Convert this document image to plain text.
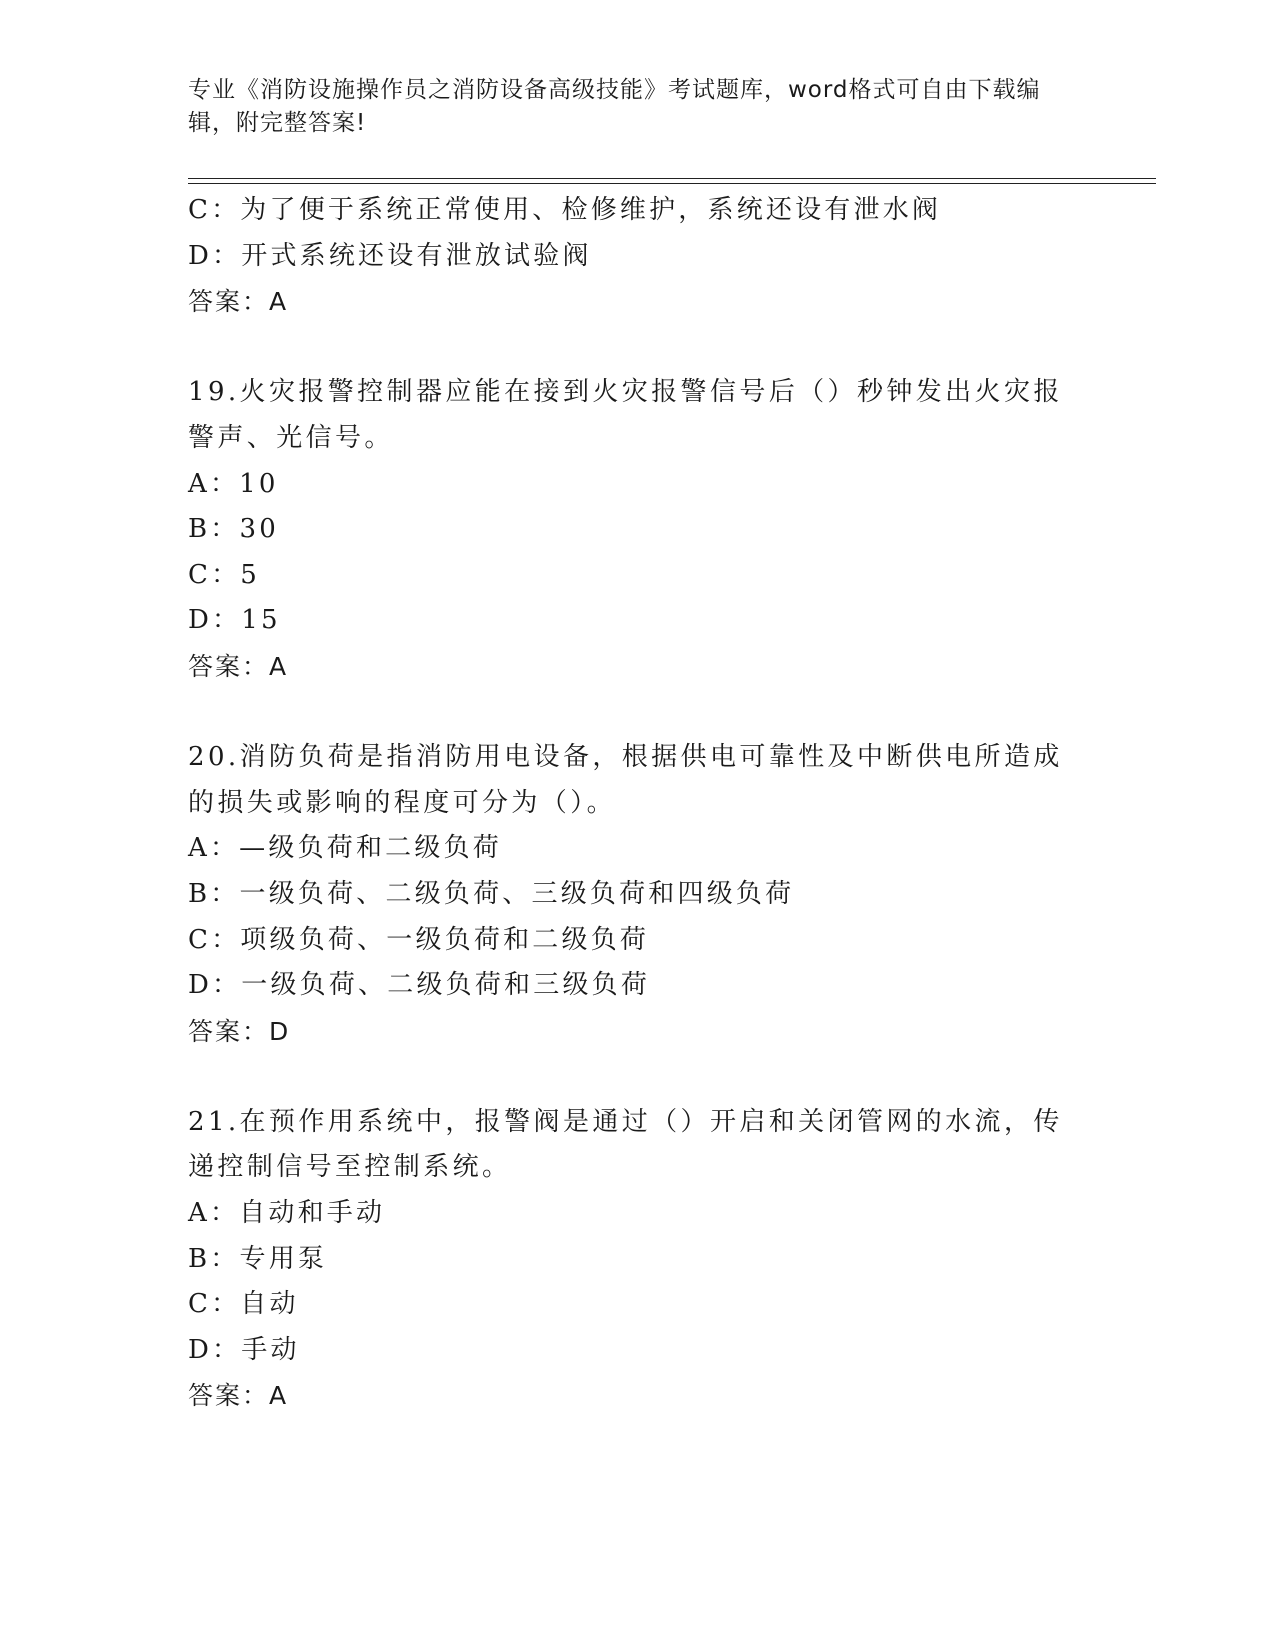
专业《消防设施操作员之消防设备高级技能》考试题库，word格式可自由下载编辑，附完整答案!
C：为了便于系统正常使用、检修维护，系统还设有泄水阀
D：开式系统还设有泄放试验阀
答案：A
19.火灾报警控制器应能在接到火灾报警信号后（）秒钟发出火灾报警声、光信号。
A：10
B：30
C：5
D：15
答案：A
20.消防负荷是指消防用电设备，根据供电可靠性及中断供电所造成的损失或影响的程度可分为（）。
A：—级负荷和二级负荷
B：一级负荷、二级负荷、三级负荷和四级负荷
C：项级负荷、一级负荷和二级负荷
D：一级负荷、二级负荷和三级负荷
答案：D
21.在预作用系统中，报警阀是通过（）开启和关闭管网的水流，传递控制信号至控制系统。
A：自动和手动
B：专用泵
C：自动
D：手动
答案：A
